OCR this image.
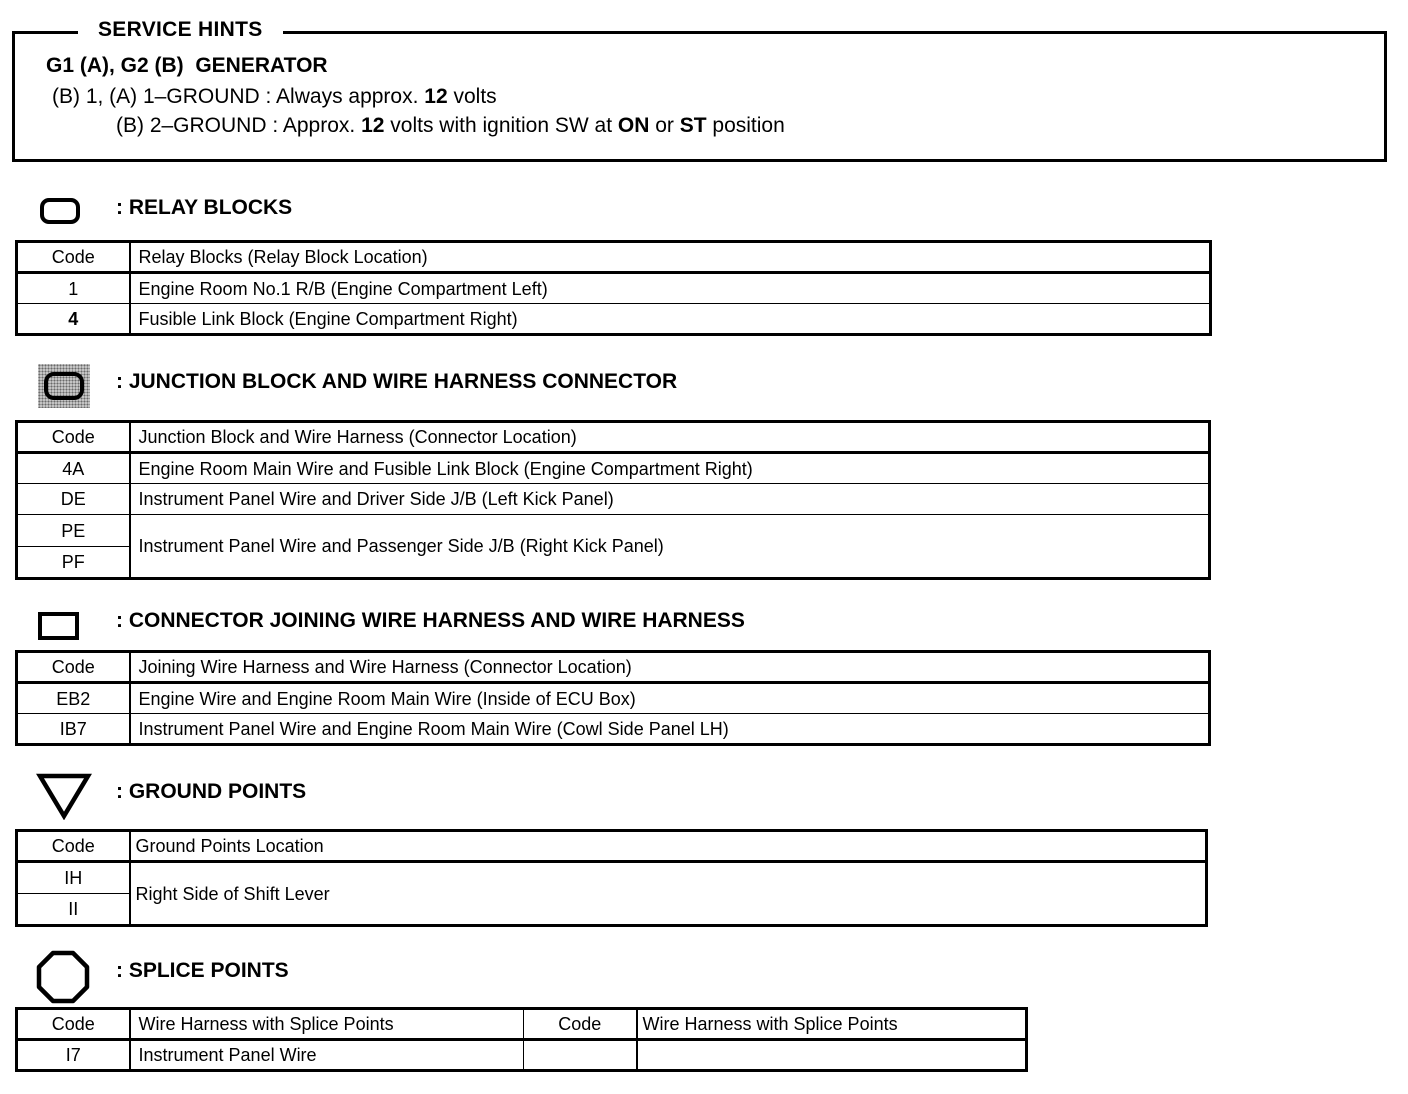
SERVICE HINTS
G1 (A), G2 (B)  GENERATOR
(B) 1, (A) 1–GROUND : Always approx. 12 volts
(B) 2–GROUND : Approx. 12 volts with ignition SW at ON or ST position
: RELAY BLOCKS
Code	Relay Blocks (Relay Block Location)
1	Engine Room No.1 R/B (Engine Compartment Left)
4	Fusible Link Block (Engine Compartment Right)
: JUNCTION BLOCK AND WIRE HARNESS CONNECTOR
Code	Junction Block and Wire Harness (Connector Location)
4A	Engine Room Main Wire and Fusible Link Block (Engine Compartment Right)
DE	Instrument Panel Wire and Driver Side J/B (Left Kick Panel)
PE	Instrument Panel Wire and Passenger Side J/B (Right Kick Panel)
PF	
: CONNECTOR JOINING WIRE HARNESS AND WIRE HARNESS
Code	Joining Wire Harness and Wire Harness (Connector Location)
EB2	Engine Wire and Engine Room Main Wire (Inside of ECU Box)
IB7	Instrument Panel Wire and Engine Room Main Wire (Cowl Side Panel LH)
: GROUND POINTS
Code	Ground Points Location
IH	Right Side of Shift Lever
II	
: SPLICE POINTS
Code	Wire Harness with Splice Points	Code	Wire Harness with Splice Points
I7	Instrument Panel Wire		
